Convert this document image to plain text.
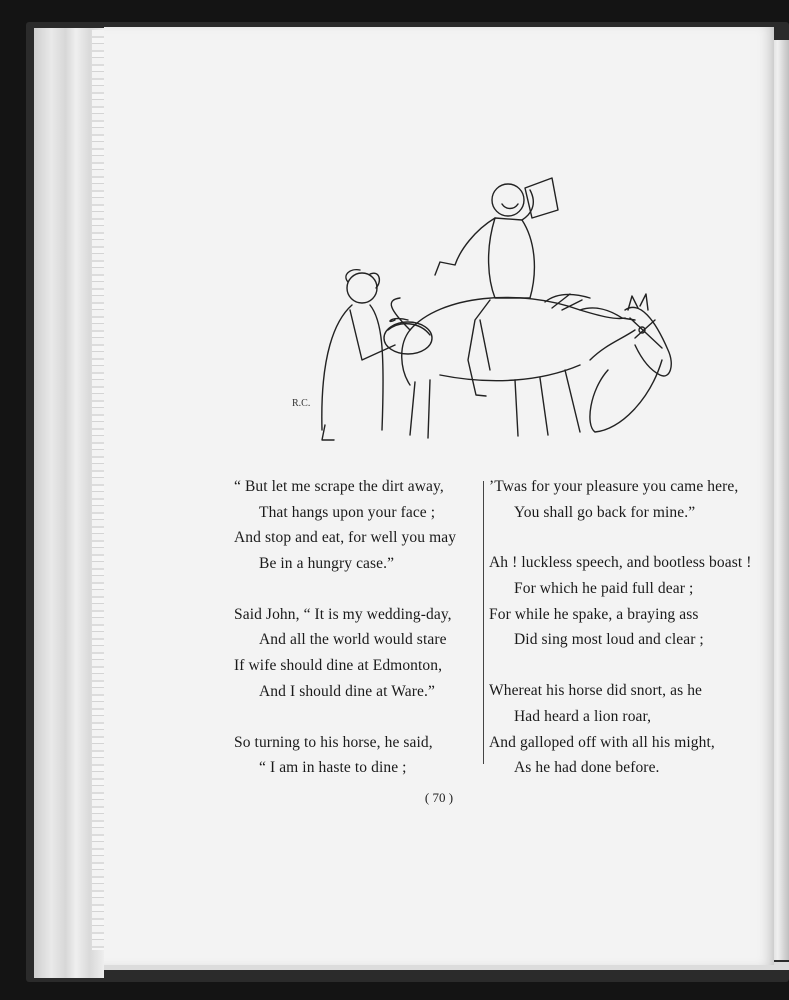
R.C.
“ But let me scrape the dirt away,
That hangs upon your face ;
And stop and eat, for well you may
Be in a hungry case.”
Said John, “ It is my wedding-day,
And all the world would stare
If wife should dine at Edmonton,
And I should dine at Ware.”
So turning to his horse, he said,
“ I am in haste to dine ;
’Twas for your pleasure you came here,
You shall go back for mine.”
Ah ! luckless speech, and bootless boast !
For which he paid full dear ;
For while he spake, a braying ass
Did sing most loud and clear ;
Whereat his horse did snort, as he
Had heard a lion roar,
And galloped off with all his might,
As he had done before.
( 70 )
